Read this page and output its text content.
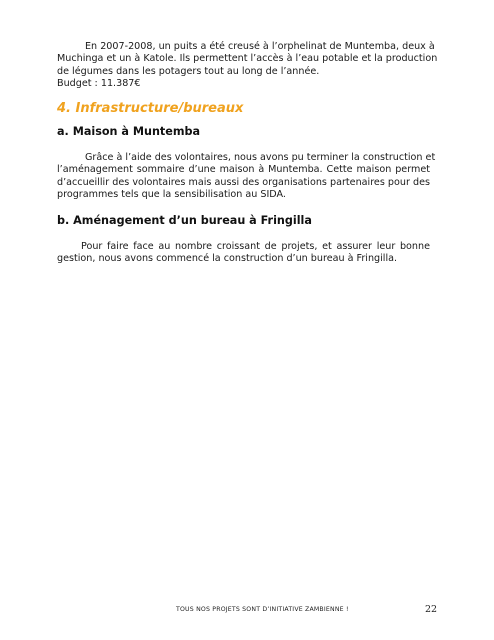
En 2007-2008, un puits a été creusé à l’orphelinat de Muntemba, deux à
Muchinga et un à Katole. Ils permettent l’accès à l’eau potable et la production
de légumes dans les potagers tout au long de l’année.
Budget : 11.387€
4. Infrastructure/bureaux
a. Maison à Muntemba
Grâce à l’aide des volontaires, nous avons pu terminer la construction et
l’aménagement sommaire d’une maison à Muntemba. Cette maison permet
d’accueillir des volontaires mais aussi des organisations partenaires pour des
programmes tels que la sensibilisation au SIDA.
b. Aménagement d’un bureau à Fringilla
Pour faire face au nombre croissant de projets, et assurer leur bonne
gestion, nous avons commencé la construction d’un bureau à Fringilla.
TOUS NOS PROJETS SONT D’INITIATIVE ZAMBIENNE !	22
